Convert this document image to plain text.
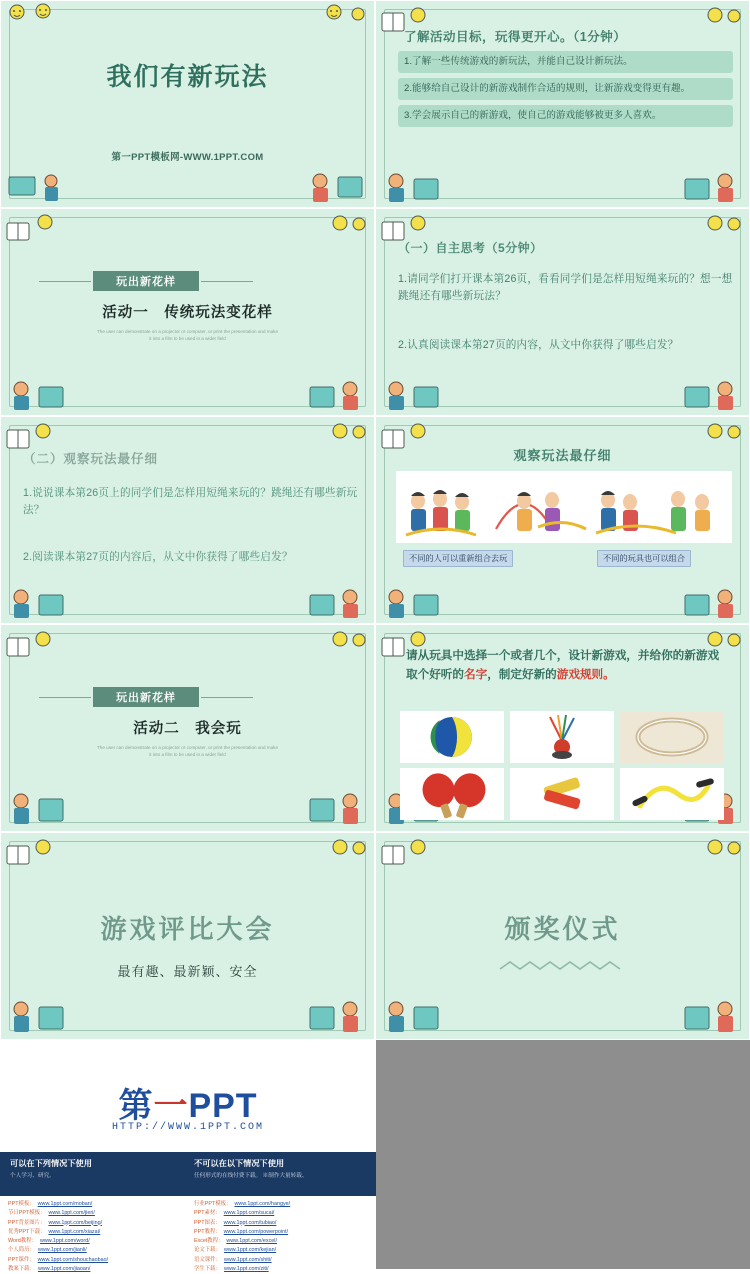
我们有新玩法
第一PPT模板网-WWW.1PPT.COM
了解活动目标，玩得更开心。（1分钟）
1.了解一些传统游戏的新玩法，并能自己设计新玩法。
2.能够给自己设计的新游戏制作合适的规则，让新游戏变得更有趣。
3.学会展示自己的新游戏，使自己的游戏能够被更多人喜欢。
玩出新花样
活动一　传统玩法变花样
The user can demonstrate on a projector or computer, or print the presentation and make
it into a film to be used in a wider field
（一）自主思考（5分钟）
1.请同学们打开课本第26页，看看同学们是怎样用短绳来玩的？想一想跳绳还有哪些新玩法？
2.认真阅读课本第27页的内容，从文中你获得了哪些启发？
（二）观察玩法最仔细
1.说说课本第26页上的同学们是怎样用短绳来玩的？跳绳还有哪些新玩法？
2.阅读课本第27页的内容后，从文中你获得了哪些启发？
观察玩法最仔细
不同的人可以重新组合去玩	不同的玩具也可以组合
玩出新花样
活动二　我会玩
The user can demonstrate on a projector or computer, or print the presentation and make
it into a film to be used in a wider field
请从玩具中选择一个或者几个，设计新游戏，并给你的新游戏取个好听的名字，制定好新的游戏规则。
游戏评比大会
最有趣、最新颖、安全
颁奖仪式
第一PPT
HTTP://WWW.1PPT.COM
可以在下列情况下使用
个人学习、研究。
不可以在以下情况下使用
任何形式的在线付费下载。 ※制作大量转载、
PPT模板： www.1ppt.com/moban/	行业PPT模板： www.1ppt.com/hangye/
节日PPT模板： www.1ppt.com/jieri/	PPT素材： www.1ppt.com/sucai/
PPT背景图片： www.1ppt.com/beijing/	PPT图表： www.1ppt.com/tubiao/
优秀PPT下载： www.1ppt.com/xiazai/	PPT教程： www.1ppt.com/powerpoint/
Word教程： www.1ppt.com/word/	Excel教程： www.1ppt.com/excel/
个人简历： www.1ppt.com/jianli/	论文下载： www.1ppt.com/kejian/
PPT课件： www.1ppt.com/shouchaobao/	语文课件： www.1ppt.com/shiti/
教案下载： www.1ppt.com/jiaoan/	学生下载： www.1ppt.com/ziti/
